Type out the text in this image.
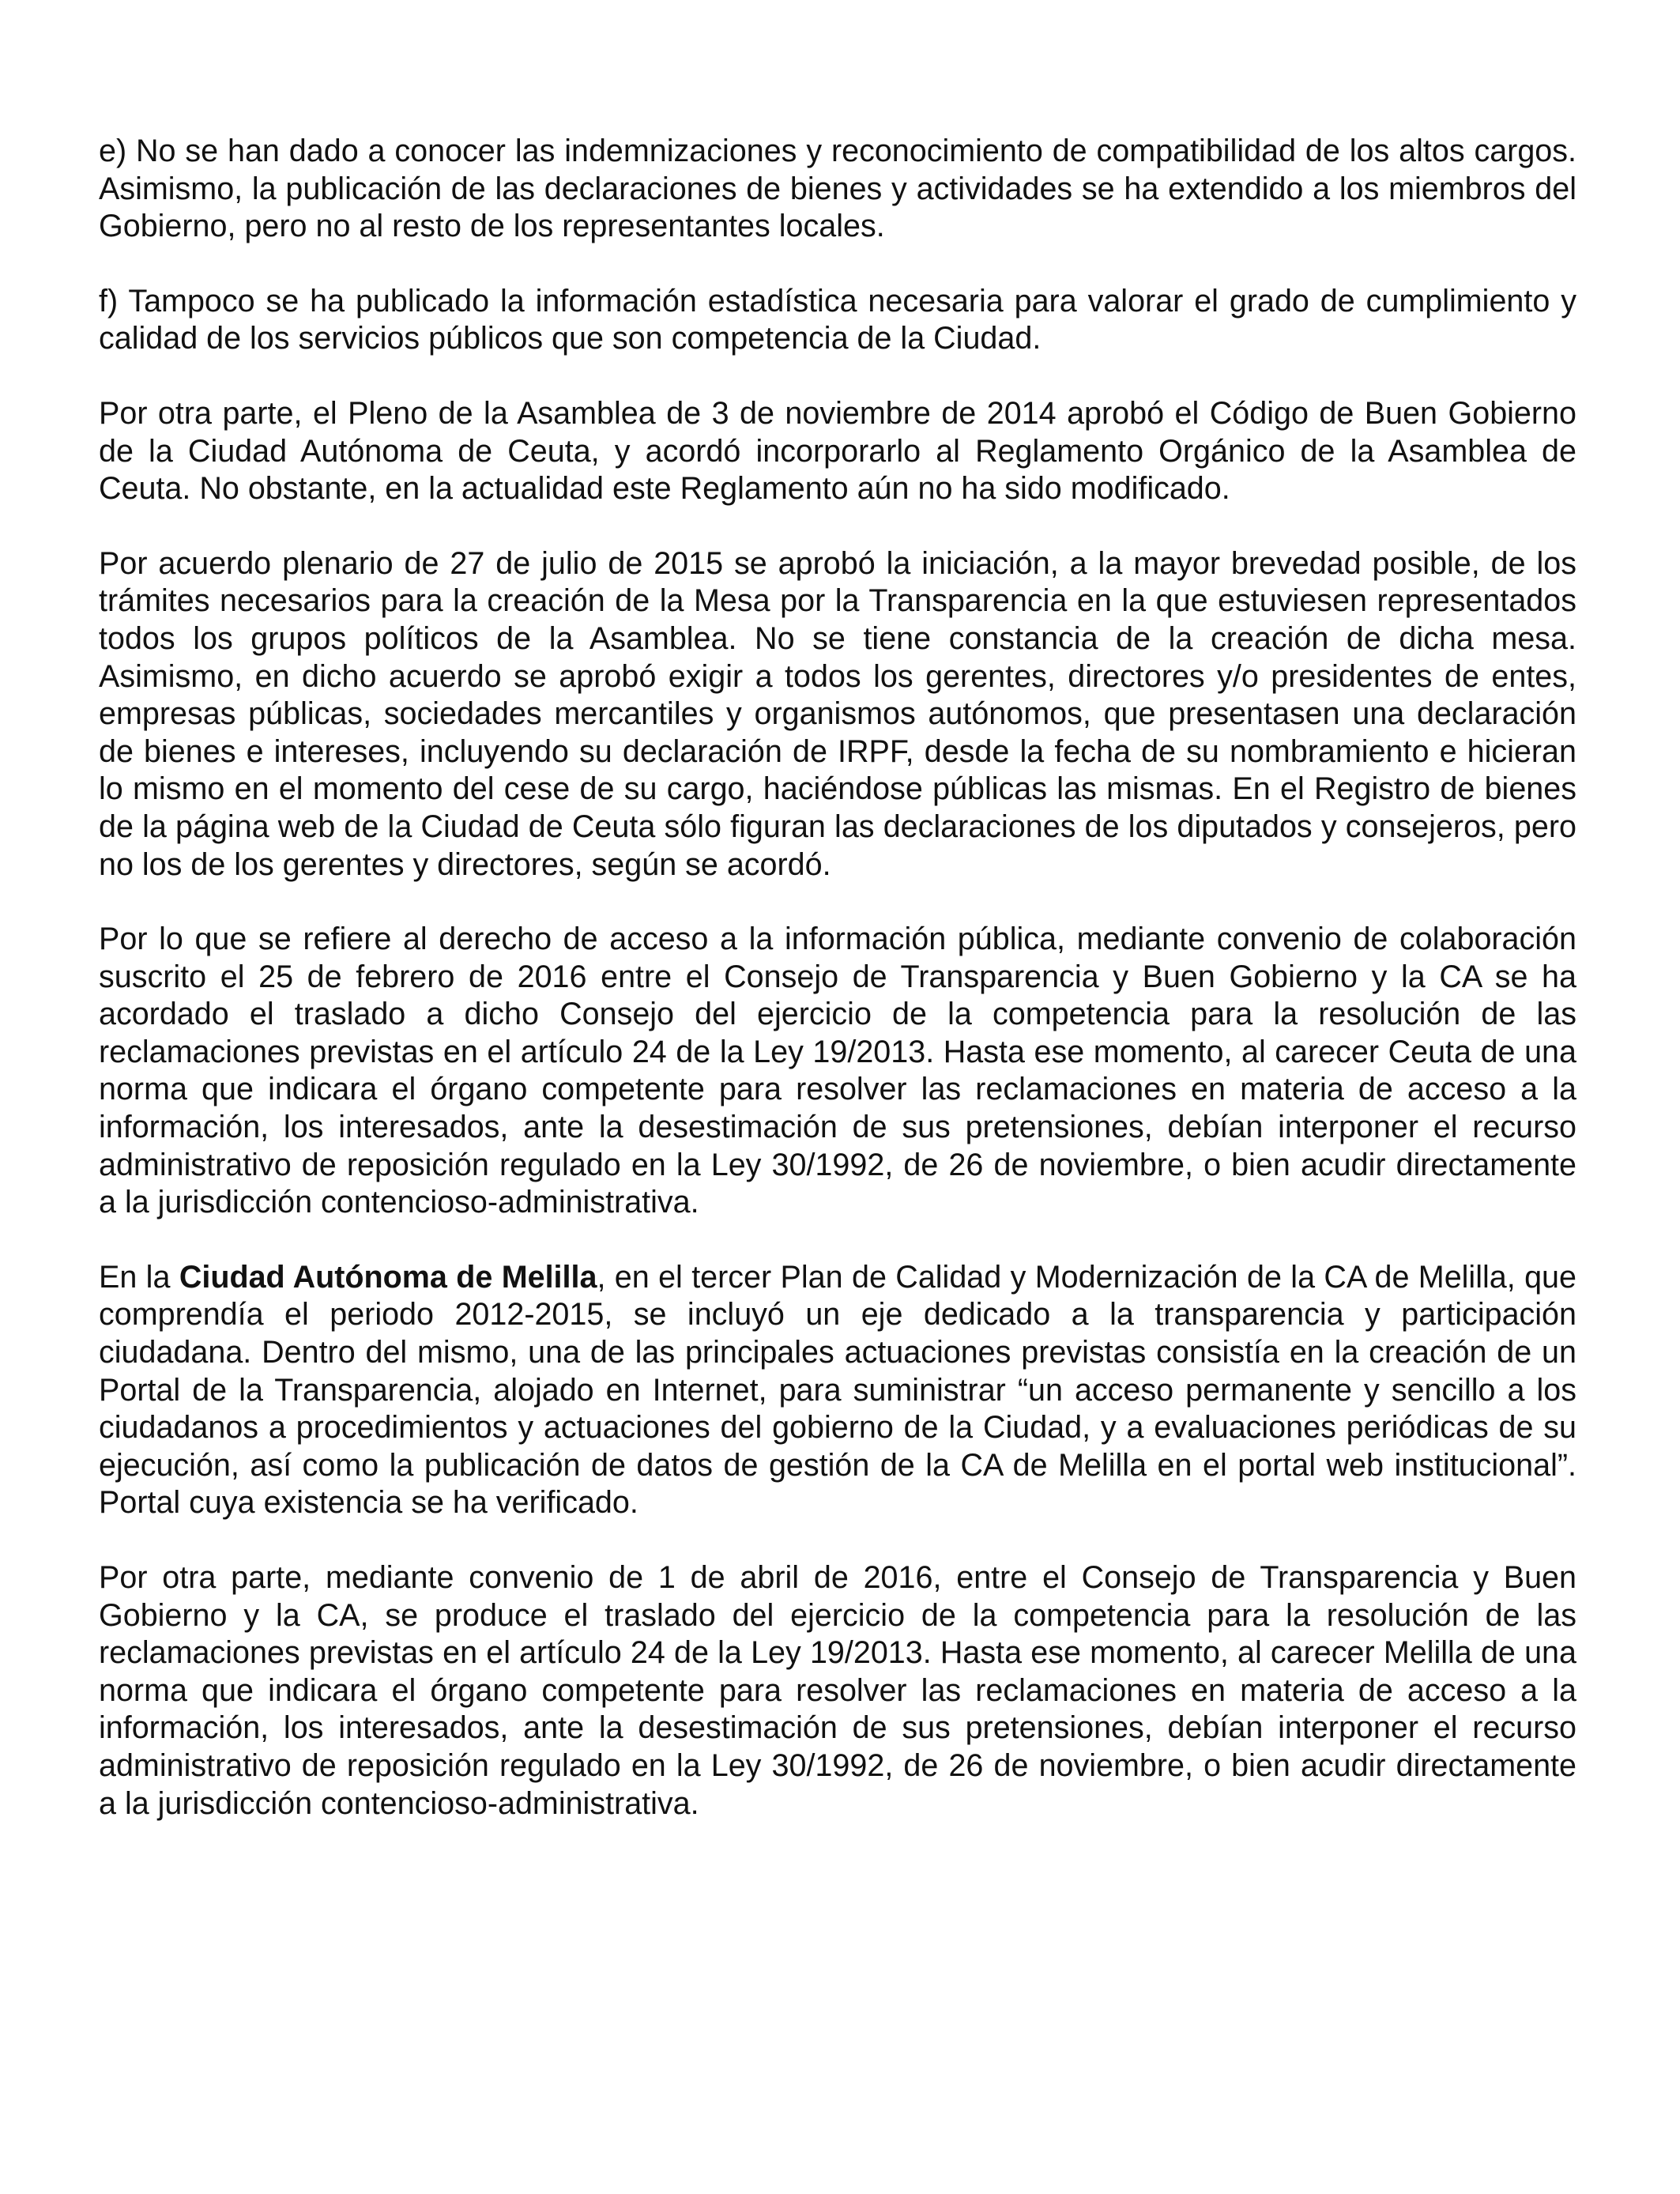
e) No se han dado a conocer las indemnizaciones y reconocimiento de compatibilidad de los altos cargos. Asimismo, la publicación de las declaraciones de bienes y actividades se ha extendido a los miembros del Gobierno, pero no al resto de los representantes locales.

f) Tampoco se ha publicado la información estadística necesaria para valorar el grado de cumplimiento y calidad de los servicios públicos que son competencia de la Ciudad.

Por otra parte, el Pleno de la Asamblea de 3 de noviembre de 2014 aprobó el Código de Buen Gobierno de la Ciudad Autónoma de Ceuta, y acordó incorporarlo al Reglamento Orgánico de la Asamblea de Ceuta. No obstante, en la actualidad este Reglamento aún no ha sido modificado.

Por acuerdo plenario de 27 de julio de 2015 se aprobó la iniciación, a la mayor brevedad posible, de los trámites necesarios para la creación de la Mesa por la Transparencia en la que estuviesen representados todos los grupos políticos de la Asamblea. No se tiene constancia de la creación de dicha mesa. Asimismo, en dicho acuerdo se aprobó exigir a todos los gerentes, directores y/o presidentes de entes, empresas públicas, sociedades mercantiles y organismos autónomos, que presentasen una declaración de bienes e intereses, incluyendo su declaración de IRPF, desde la fecha de su nombramiento e hicieran lo mismo en el momento del cese de su cargo, haciéndose públicas las mismas. En el Registro de bienes de la página web de la Ciudad de Ceuta sólo figuran las declaraciones de los diputados y consejeros, pero no los de los gerentes y directores, según se acordó.

Por lo que se refiere al derecho de acceso a la información pública, mediante convenio de colaboración suscrito el 25 de febrero de 2016 entre el Consejo de Transparencia y Buen Gobierno y la CA se ha acordado el traslado a dicho Consejo del ejercicio de la competencia para la resolución de las reclamaciones previstas en el artículo 24 de la Ley 19/2013. Hasta ese momento, al carecer Ceuta de una norma que indicara el órgano competente para resolver las reclamaciones en materia de acceso a la información, los interesados, ante la desestimación de sus pretensiones, debían interponer el recurso administrativo de reposición regulado en la Ley 30/1992, de 26 de noviembre, o bien acudir directamente a la jurisdicción contencioso-administrativa.

En la Ciudad Autónoma de Melilla, en el tercer Plan de Calidad y Modernización de la CA de Melilla, que comprendía el periodo 2012-2015, se incluyó un eje dedicado a la transparencia y participación ciudadana. Dentro del mismo, una de las principales actuaciones previstas consistía en la creación de un Portal de la Transparencia, alojado en Internet, para suministrar “un acceso permanente y sencillo a los ciudadanos a procedimientos y actuaciones del gobierno de la Ciudad, y a evaluaciones periódicas de su ejecución, así como la publicación de datos de gestión de la CA de Melilla en el portal web institucional”. Portal cuya existencia se ha verificado.

Por otra parte, mediante convenio de 1 de abril de 2016, entre el Consejo de Transparencia y Buen Gobierno y la CA, se produce el traslado del ejercicio de la competencia para la resolución de las reclamaciones previstas en el artículo 24 de la Ley 19/2013. Hasta ese momento, al carecer Melilla de una norma que indicara el órgano competente para resolver las reclamaciones en materia de acceso a la información, los interesados, ante la desestimación de sus pretensiones, debían interponer el recurso administrativo de reposición regulado en la Ley 30/1992, de 26 de noviembre, o bien acudir directamente a la jurisdicción contencioso-administrativa.
